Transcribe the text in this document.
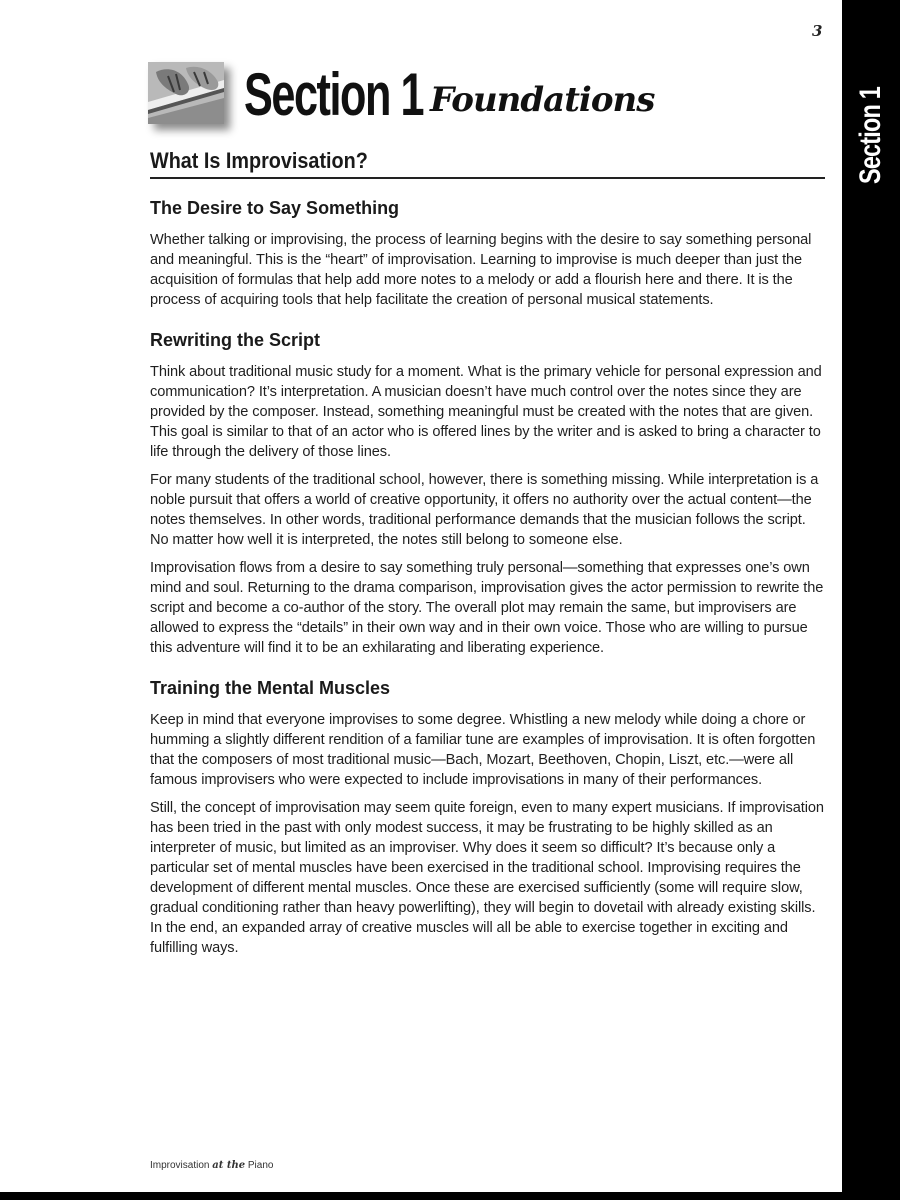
3
Section 1
Section 1 Foundations
What Is Improvisation?
The Desire to Say Something

Whether talking or improvising, the process of learning begins with the desire to say something personal and meaningful. This is the “heart” of improvisation. Learning to improvise is much deeper than just the acquisition of formulas that help add more notes to a melody or add a flourish here and there. It is the process of acquiring tools that help facilitate the creation of personal musical statements.

Rewriting the Script

Think about traditional music study for a moment. What is the primary vehicle for personal expression and communication? It’s interpretation. A musician doesn’t have much control over the notes since they are provided by the composer. Instead, something meaningful must be created with the notes that are given. This goal is similar to that of an actor who is offered lines by the writer and is asked to bring a character to life through the delivery of those lines.

For many students of the traditional school, however, there is something missing. While interpretation is a noble pursuit that offers a world of creative opportunity, it offers no authority over the actual content—the notes themselves. In other words, traditional performance demands that the musician follows the script. No matter how well it is interpreted, the notes still belong to someone else.

Improvisation flows from a desire to say something truly personal—something that expresses one’s own mind and soul. Returning to the drama comparison, improvisation gives the actor permission to rewrite the script and become a co-author of the story. The overall plot may remain the same, but improvisers are allowed to express the “details” in their own way and in their own voice. Those who are willing to pursue this adventure will find it to be an exhilarating and liberating experience.

Training the Mental Muscles

Keep in mind that everyone improvises to some degree. Whistling a new melody while doing a chore or humming a slightly different rendition of a familiar tune are examples of improvisation. It is often forgotten that the composers of most traditional music—Bach, Mozart, Beethoven, Chopin, Liszt, etc.—were all famous improvisers who were expected to include improvisations in many of their performances.

Still, the concept of improvisation may seem quite foreign, even to many expert musicians. If improvisation has been tried in the past with only modest success, it may be frustrating to be highly skilled as an interpreter of music, but limited as an improviser. Why does it seem so difficult? It’s because only a particular set of mental muscles have been exercised in the traditional school. Improvising requires the development of different mental muscles. Once these are exercised sufficiently (some will require slow, gradual conditioning rather than heavy powerlifting), they will begin to dovetail with already existing skills. In the end, an expanded array of creative muscles will all be able to exercise together in exciting and fulfilling ways.

Improvisation at the Piano
